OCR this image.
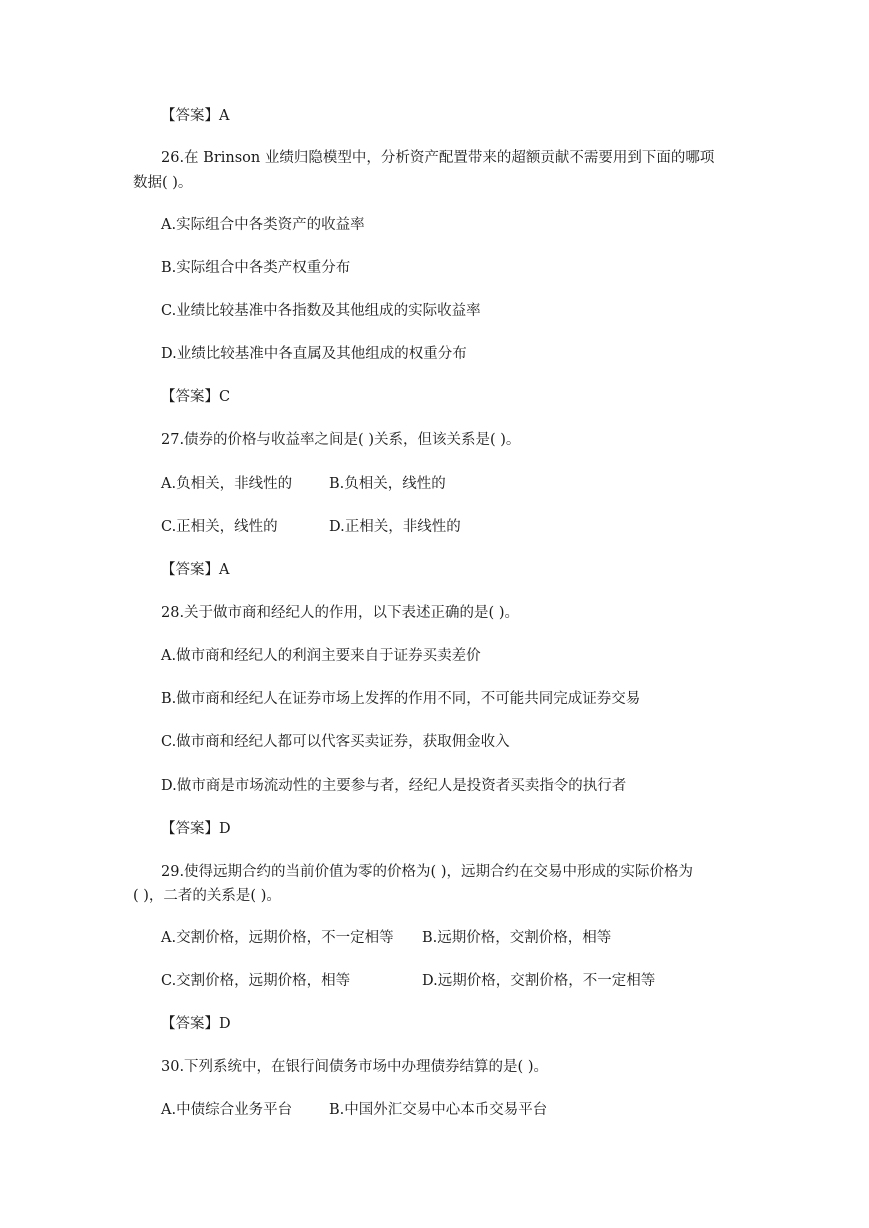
【答案】A
26.在 Brinson 业绩归隐模型中，分析资产配置带来的超额贡献不需要用到下面的哪项
数据( )。
A.实际组合中各类资产的收益率
B.实际组合中各类产权重分布
C.业绩比较基准中各指数及其他组成的实际收益率
D.业绩比较基准中各直属及其他组成的权重分布
【答案】C
27.债券的价格与收益率之间是( )关系，但该关系是( )。
A.负相关，非线性的	B.负相关，线性的
C.正相关，线性的	D.正相关，非线性的
【答案】A
28.关于做市商和经纪人的作用，以下表述正确的是( )。
A.做市商和经纪人的利润主要来自于证券买卖差价
B.做市商和经纪人在证券市场上发挥的作用不同，不可能共同完成证券交易
C.做市商和经纪人都可以代客买卖证券，获取佣金收入
D.做市商是市场流动性的主要参与者，经纪人是投资者买卖指令的执行者
【答案】D
29.使得远期合约的当前价值为零的价格为( )，远期合约在交易中形成的实际价格为
( )，二者的关系是( )。
A.交割价格，远期价格，不一定相等 B.远期价格，交割价格，相等
C.交割价格，远期价格，相等	D.远期价格，交割价格，不一定相等
【答案】D
30.下列系统中，在银行间债务市场中办理债券结算的是( )。
A.中债综合业务平台	B.中国外汇交易中心本币交易平台
